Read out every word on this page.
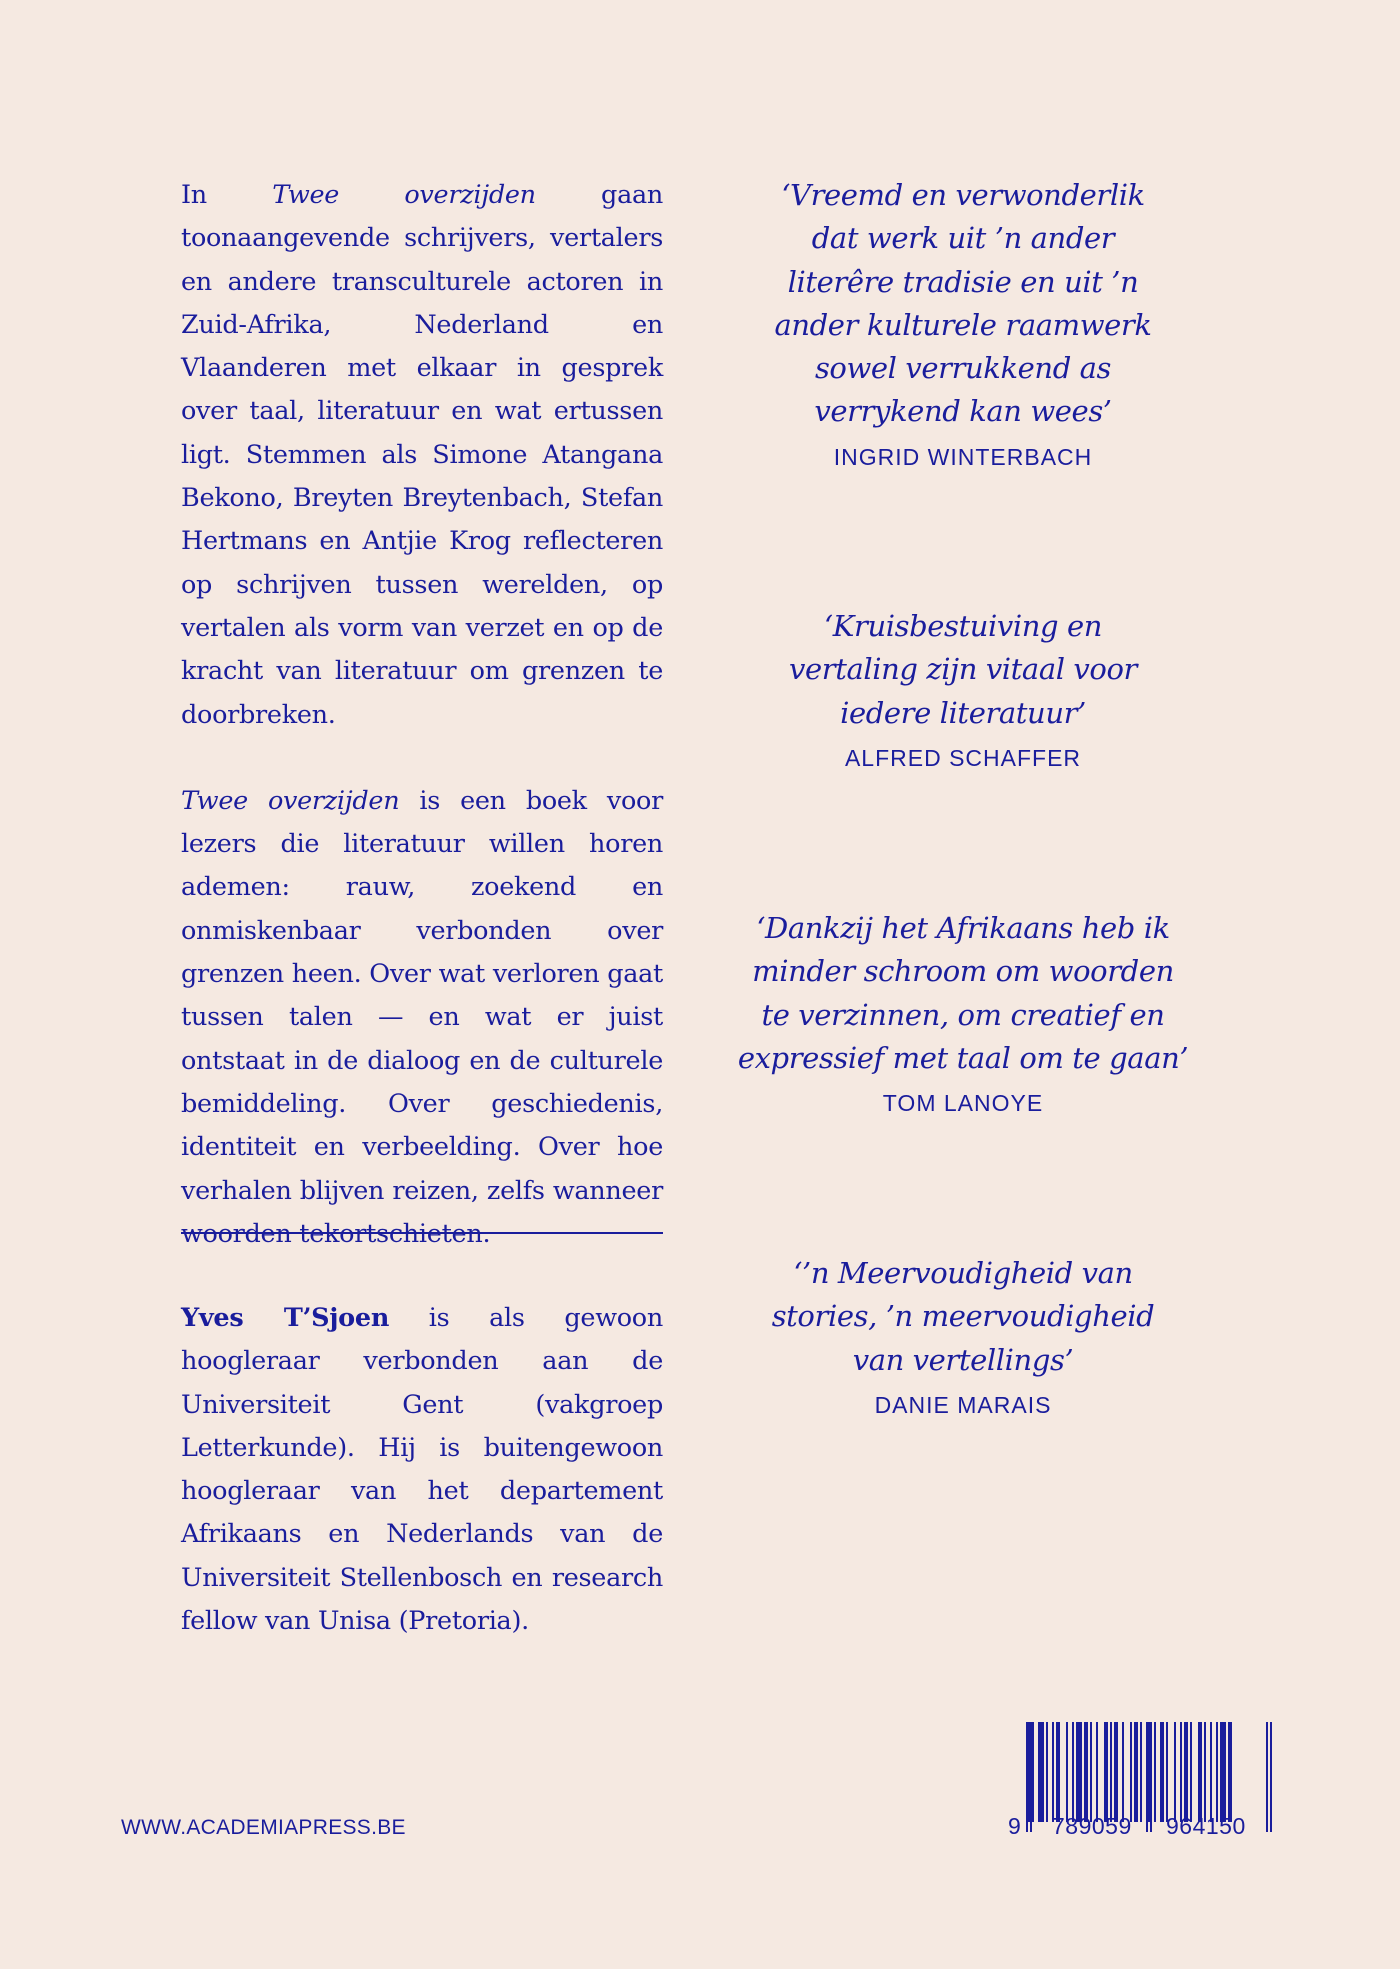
In Twee overzijden gaan toonaangevende schrijvers, vertalers en andere transculturele actoren in Zuid-Afrika, Nederland en Vlaanderen met elkaar in gesprek over taal, literatuur en wat ertussen ligt. Stemmen als Simone Atangana Bekono, Breyten Breytenbach, Stefan Hertmans en Antjie Krog reflecteren op schrijven tussen werelden, op vertalen als vorm van verzet en op de kracht van literatuur om grenzen te doorbreken.

Twee overzijden is een boek voor lezers die literatuur willen horen ademen: rauw, zoekend en onmiskenbaar verbonden over grenzen heen. Over wat verloren gaat tussen talen — en wat er juist ontstaat in de dialoog en de culturele bemiddeling. Over geschiedenis, identiteit en verbeelding. Over hoe verhalen blijven reizen, zelfs wanneer woorden tekortschieten.

Yves T’Sjoen is als gewoon hoogleraar verbonden aan de Universiteit Gent (vakgroep Letterkunde). Hij is buitengewoon hoogleraar van het departement Afrikaans en Nederlands van de Universiteit Stellenbosch en research fellow van Unisa (Pretoria).

‘Vreemd en verwonderlik
dat werk uit ’n ander
literêre tradisie en uit ’n
ander kulturele raamwerk
sowel verrukkend as
verrykend kan wees’
INGRID WINTERBACH
‘Kruisbestuiving en
vertaling zijn vitaal voor
iedere literatuur’
ALFRED SCHAFFER
‘Dankzij het Afrikaans heb ik
minder schroom om woorden
te verzinnen, om creatief en
expressief met taal om te gaan’
TOM LANOYE
‘’n Meervoudigheid van
stories, ’n meervoudigheid
van vertellings’
DANIE MARAIS
WWW.ACADEMIAPRESS.BE	9 789059 964150
